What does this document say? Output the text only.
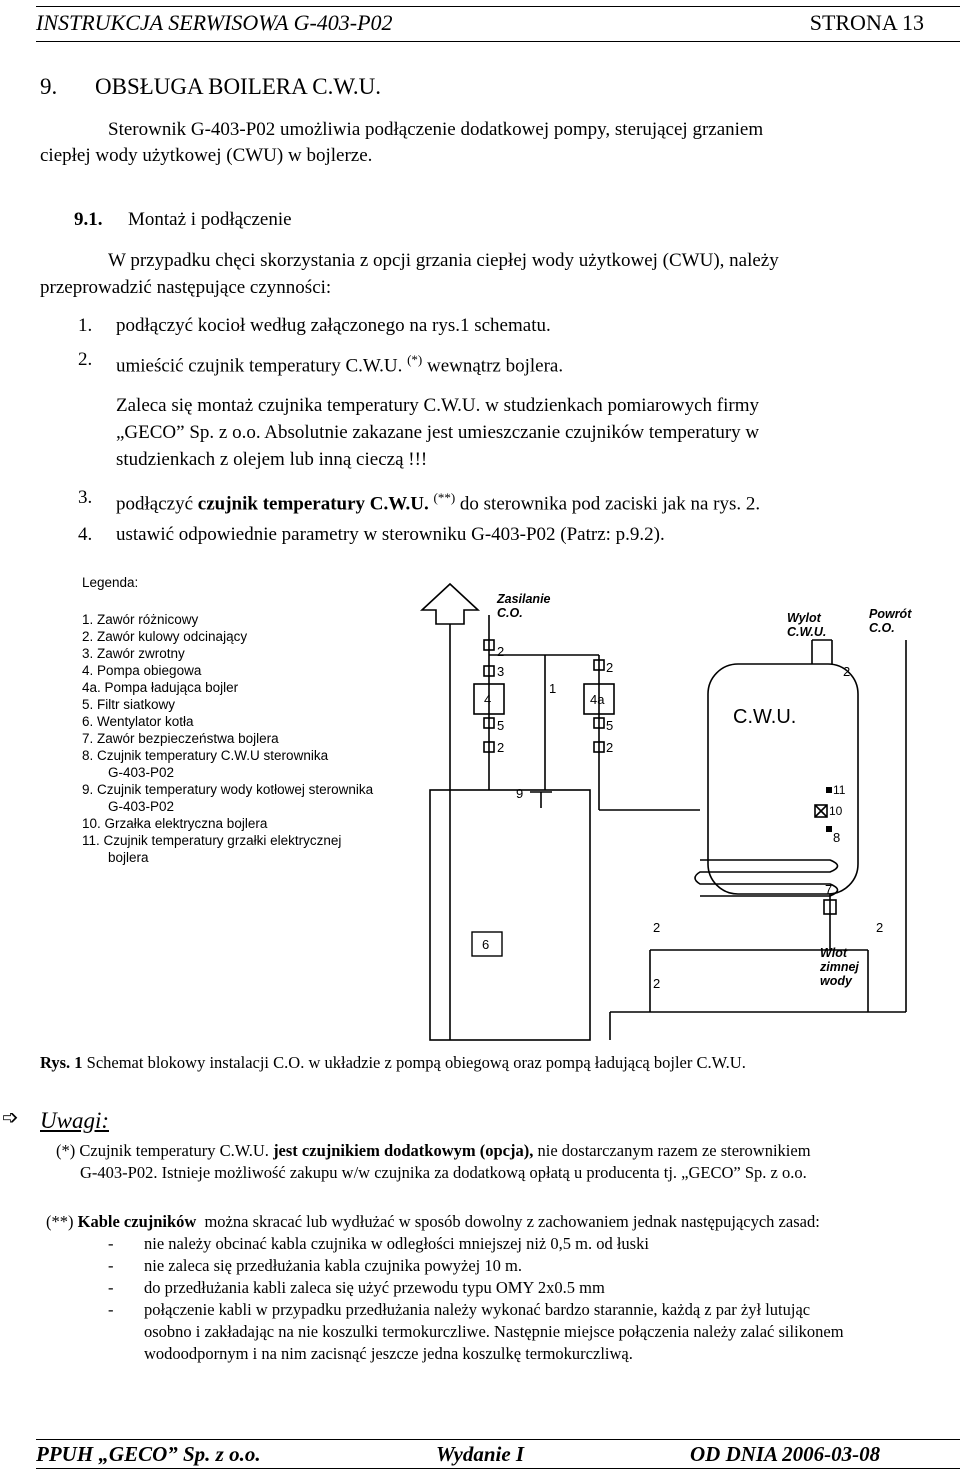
INSTRUKCJA SERWISOWA G-403-P02	STRONA 13
9. OBSŁUGA BOILERA C.W.U.
Sterownik G-403-P02 umożliwia podłączenie dodatkowej pompy, sterującej grzaniem
ciepłej wody użytkowej (CWU) w bojlerze.
9.1. Montaż i podłączenie
W przypadku chęci skorzystania z opcji grzania ciepłej wody użytkowej (CWU), należy
przeprowadzić następujące czynności:
1. podłączyć kocioł według załączonego na rys.1 schematu.
2. umieścić czujnik temperatury C.W.U. (*) wewnątrz bojlera.
Zaleca się montaż czujnika temperatury C.W.U. w studzienkach pomiarowych firmy
„GECO” Sp. z o.o. Absolutnie zakazane jest umieszczanie czujników temperatury w
studzienkach z olejem lub inną cieczą !!!
3. podłączyć czujnik temperatury C.W.U. (**) do sterownika pod zaciski jak na rys. 2.
4. ustawić odpowiednie parametry w sterowniku G-403-P02 (Patrz: p.9.2).
Legenda:
1. Zawór różnicowy
2. Zawór kulowy odcinający
3. Zawór zwrotny
4. Pompa obiegowa
4a. Pompa ładująca bojler
5. Filtr siatkowy
6. Wentylator kotła
7. Zawór bezpieczeństwa bojlera
8. Czujnik temperatury C.W.U sterownika
G-403-P02
9. Czujnik temperatury wody kotłowej sterownika
G-403-P02
10. Grzałka elektryczna bojlera
11. Czujnik temperatury grzałki elektrycznej
bojlera
Zasilanie
C.O.	Wylot
C.W.U.
Powrót
C.O.
C.W.U.
Wlot
zimnej
wody
2
3
4
5
2
1
2
4a
5
2
9
2
11
10
8
7
2	2
6
2
Rys. 1 Schemat blokowy instalacji C.O. w układzie z pompą obiegową oraz pompą ładującą bojler C.W.U.
➩ Uwagi:
(*) Czujnik temperatury C.W.U. jest czujnikiem dodatkowym (opcja), nie dostarczanym razem ze sterownikiem
G-403-P02. Istnieje możliwość zakupu w/w czujnika za dodatkową opłatą u producenta tj. „GECO” Sp. z o.o.
(**) Kable czujników można skracać lub wydłużać w sposób dowolny z zachowaniem jednak następujących zasad:
- nie należy obcinać kabla czujnika w odległości mniejszej niż 0,5 m. od łuski
- nie zaleca się przedłużania kabla czujnika powyżej 10 m.
- do przedłużania kabli zaleca się użyć przewodu typu OMY 2x0.5 mm
- połączenie kabli w przypadku przedłużania należy wykonać bardzo starannie, każdą z par żył lutując
osobno i zakładając na nie koszulki termokurczliwe. Następnie miejsce połączenia należy zalać silikonem
wodoodpornym i na nim zacisnąć jeszcze jedna koszulkę termokurczliwą.
PPUH „GECO” Sp. z o.o.	Wydanie I	OD DNIA 2006-03-08
